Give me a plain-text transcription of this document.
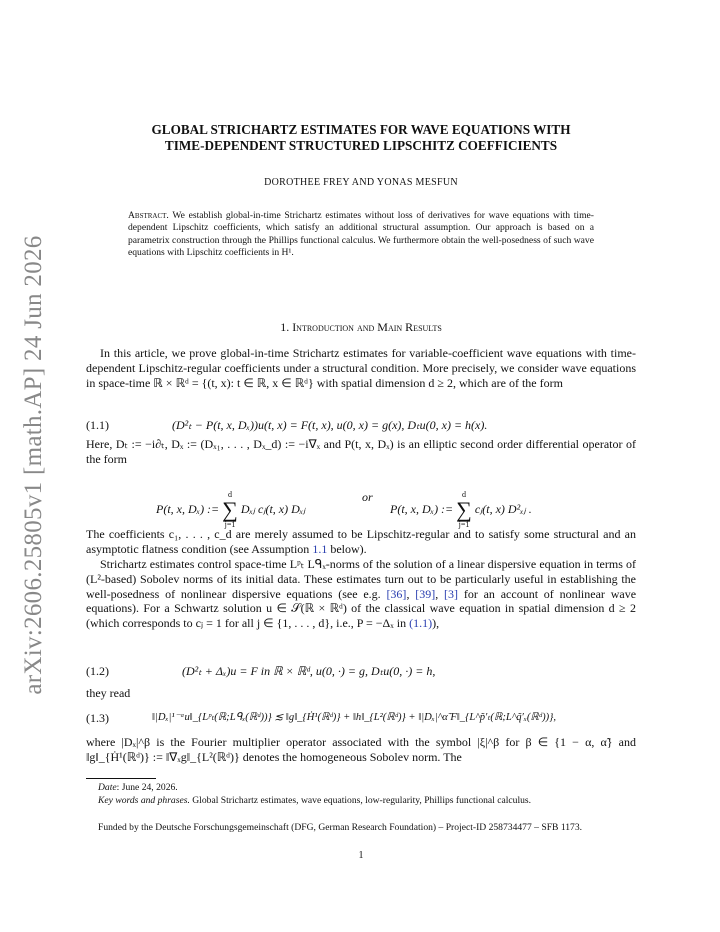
arXiv:2606.25805v1 [math.AP] 24 Jun 2026
GLOBAL STRICHARTZ ESTIMATES FOR WAVE EQUATIONS WITH
TIME-DEPENDENT STRUCTURED LIPSCHITZ COEFFICIENTS
DOROTHEE FREY AND YONAS MESFUN
Abstract. We establish global-in-time Strichartz estimates without loss of derivatives for wave equations with time-dependent Lipschitz coefficients, which satisfy an additional structural assumption. Our approach is based on a parametrix construction through the Phillips functional calculus. We furthermore obtain the well-posedness of such wave equations with Lipschitz coefficients in H¹.
1. Introduction and Main Results
In this article, we prove global-in-time Strichartz estimates for variable-coefficient wave equations with time-dependent Lipschitz-regular coefficients under a structural condition. More precisely, we consider wave equations in space-time ℝ × ℝᵈ = {(t, x): t ∈ ℝ, x ∈ ℝᵈ} with spatial dimension d ≥ 2, which are of the form
(1.1)	(D²ₜ − P(t, x, Dₓ))u(t, x) = F(t, x), u(0, x) = g(x), Dₜu(0, x) = h(x).
Here, Dₜ := −i∂ₜ, Dₓ := (Dₓ₁, . . . , Dₓ_d) := −i∇ₓ and P(t, x, Dₓ) is an elliptic second order differential operator of the form
P(t, x, Dₓ) :=
d
∑
j=1
Dₓⱼ cⱼ(t, x) Dₓⱼ
or
P(t, x, Dₓ) :=
d
∑
j=1
cⱼ(t, x) D²ₓⱼ .
The coefficients c₁, . . . , c_d are merely assumed to be Lipschitz-regular and to satisfy some structural and an asymptotic flatness condition (see Assumption 1.1 below).
Strichartz estimates control space-time Lᵖₜ Lᑫₓ-norms of the solution of a linear dispersive equation in terms of (L²-based) Sobolev norms of its initial data. These estimates turn out to be particularly useful in establishing the well-posedness of nonlinear dispersive equations (see e.g. [36], [39], [3] for an account of nonlinear wave equations). For a Schwartz solution u ∈ 𝒮(ℝ × ℝᵈ) of the classical wave equation in spatial dimension d ≥ 2 (which corresponds to cⱼ = 1 for all j ∈ {1, . . . , d}, i.e., P = −Δₓ in (1.1)),
(1.2)	(D²ₜ + Δₓ)u = F in ℝ × ℝᵈ, u(0, ·) = g, Dₜu(0, ·) = h,
they read
(1.3)	‖|Dₓ|¹⁻ᵅu‖_{Lᵖₜ(ℝ;Lᑫₓ(ℝᵈ))} ≲ ‖g‖_{Ḣ¹(ℝᵈ)} + ‖h‖_{L²(ℝᵈ)} + ‖|Dₓ|^α̃ F‖_{L^p̃′ₜ(ℝ;L^q̃′ₓ(ℝᵈ))},
where |Dₓ|^β is the Fourier multiplier operator associated with the symbol |ξ|^β for β ∈ {1 − α, α̃} and ‖g‖_{Ḣ¹(ℝᵈ)} := ‖∇ₓg‖_{L²(ℝᵈ)} denotes the homogeneous Sobolev norm. The
Date: June 24, 2026.
Key words and phrases. Global Strichartz estimates, wave equations, low-regularity, Phillips functional calculus.
Funded by the Deutsche Forschungsgemeinschaft (DFG, German Research Foundation) – Project-ID 258734477 – SFB 1173.
1
